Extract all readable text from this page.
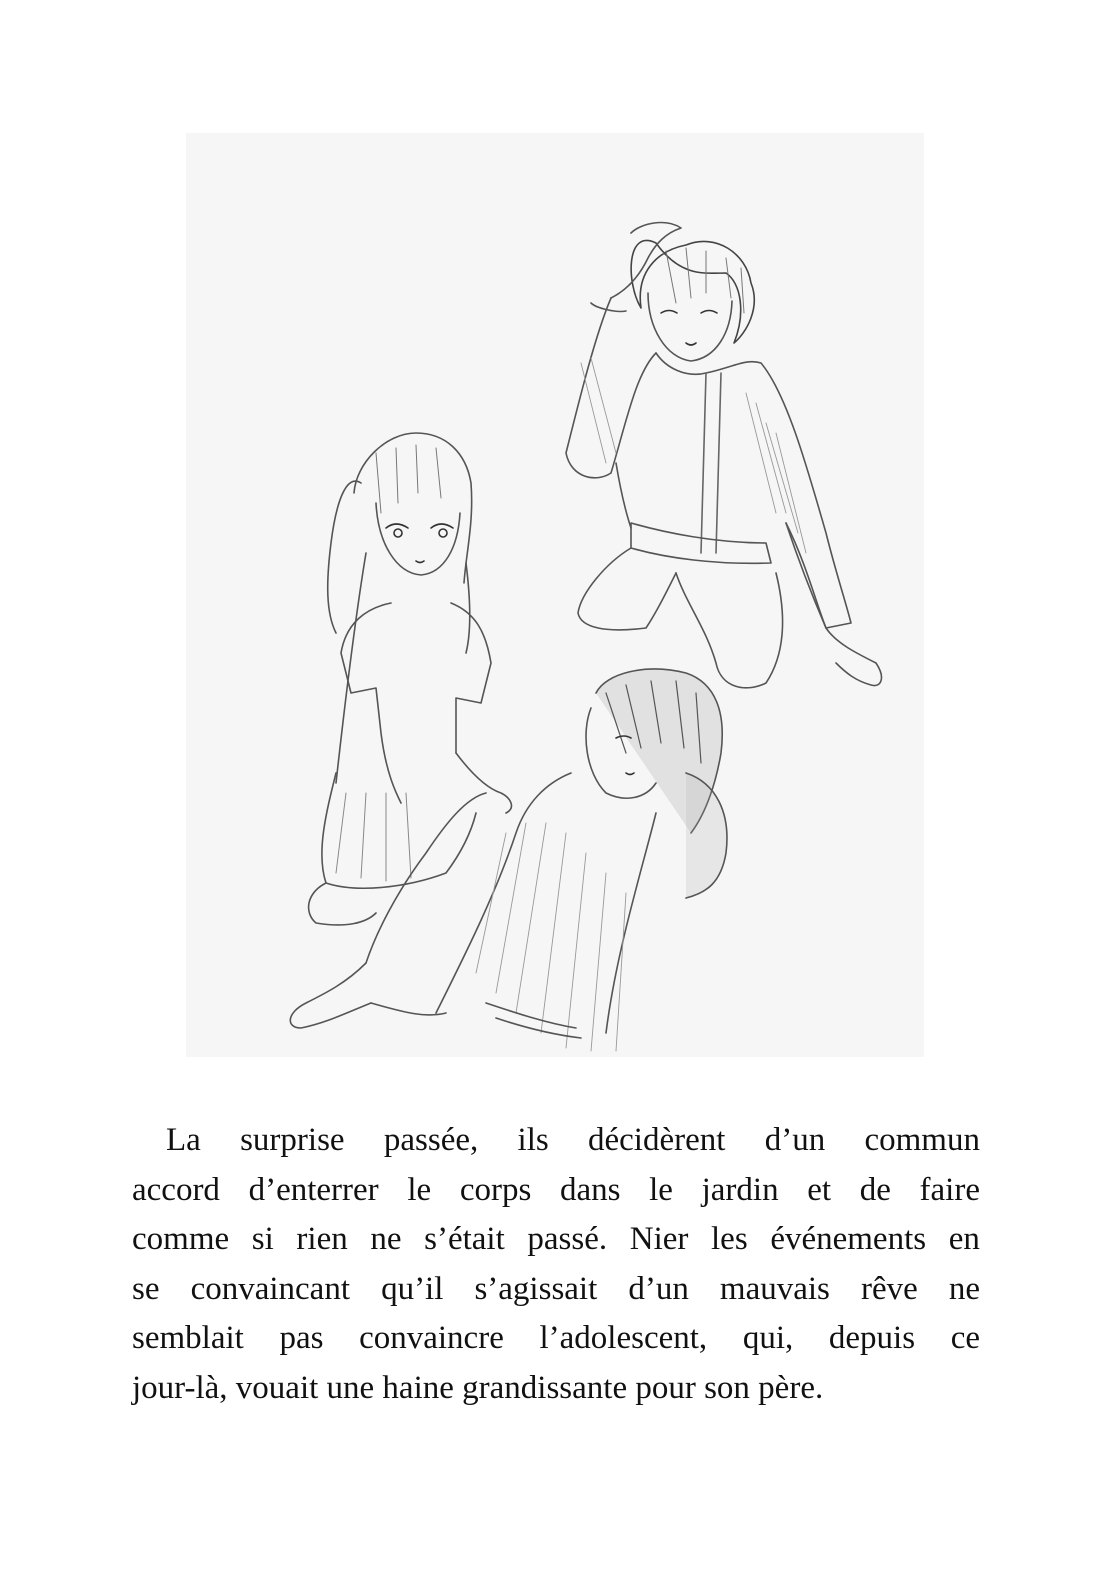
La surprise passée, ils décidèrent d’un commun
accord d’enterrer le corps dans le jardin et de faire
comme si rien ne s’était passé. Nier les événements en
se convaincant qu’il s’agissait d’un mauvais rêve ne
semblait pas convaincre l’adolescent, qui, depuis ce
jour-là, vouait une haine grandissante pour son père.
